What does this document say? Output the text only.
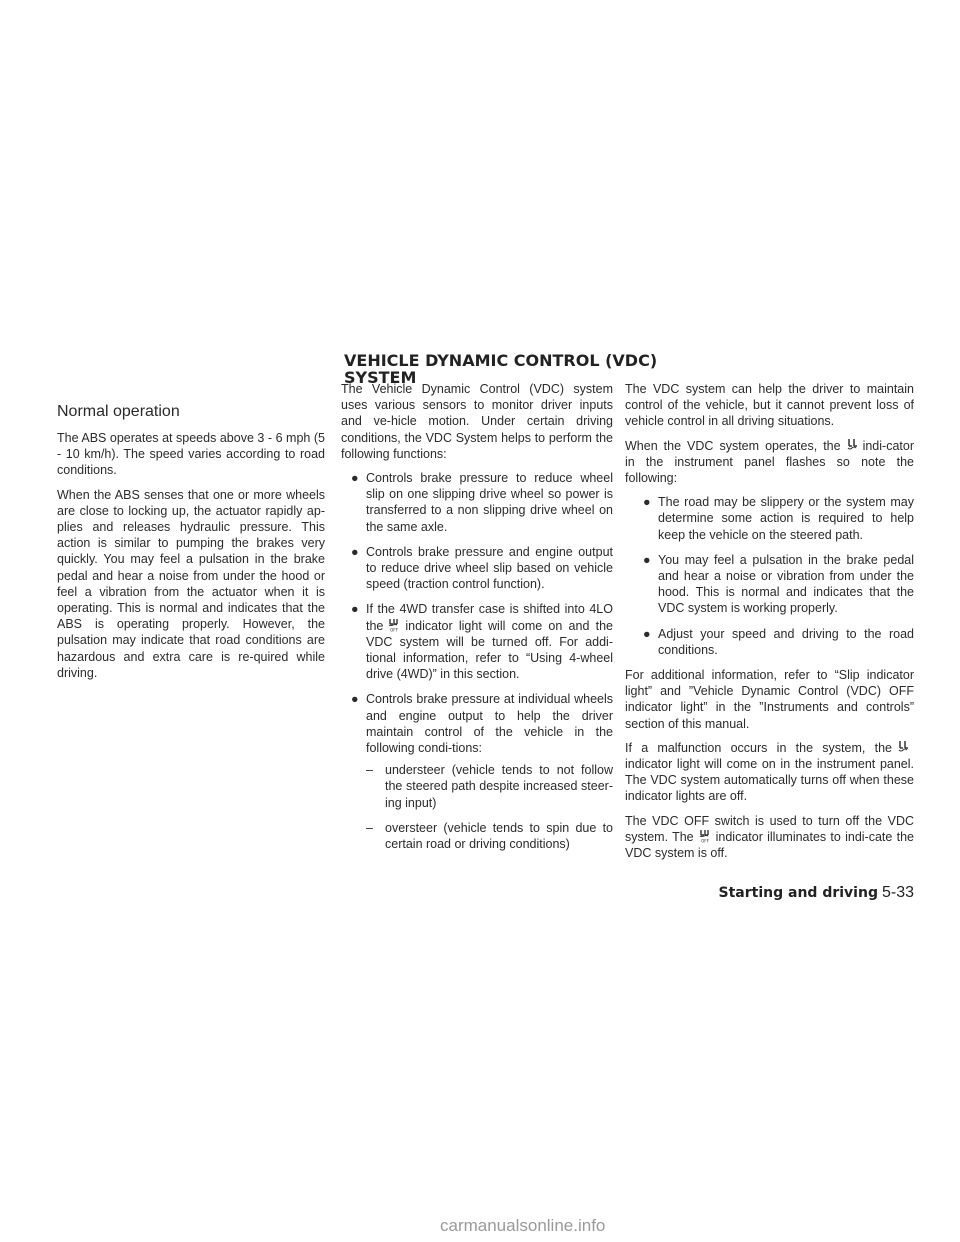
VEHICLE DYNAMIC CONTROL (VDC)
SYSTEM
Normal operation

The ABS operates at speeds above 3 - 6 mph (5 - 10 km/h). The speed varies according to road conditions.

When the ABS senses that one or more wheels are close to locking up, the actuator rapidly ap-plies and releases hydraulic pressure. This action is similar to pumping the brakes very quickly. You may feel a pulsation in the brake pedal and hear a noise from under the hood or feel a vibration from the actuator when it is operating. This is normal and indicates that the ABS is operating properly. However, the pulsation may indicate that road conditions are hazardous and extra care is re-quired while driving.

The Vehicle Dynamic Control (VDC) system uses various sensors to monitor driver inputs and ve-hicle motion. Under certain driving conditions, the VDC System helps to perform the following functions:

● Controls brake pressure to reduce wheel slip on one slipping drive wheel so power is transferred to a non slipping drive wheel on the same axle.
● Controls brake pressure and engine output to reduce drive wheel slip based on vehicle speed (traction control function).
● If the 4WD transfer case is shifted into 4LO the OFF indicator light will come on and the VDC system will be turned off. For addi-tional information, refer to “Using 4-wheel drive (4WD)” in this section.
● Controls brake pressure at individual wheels and engine output to help the driver maintain control of the vehicle in the following condi-tions:
– understeer (vehicle tends to not follow the steered path despite increased steer-ing input)
– oversteer (vehicle tends to spin due to certain road or driving conditions)

The VDC system can help the driver to maintain control of the vehicle, but it cannot prevent loss of vehicle control in all driving situations.

When the VDC system operates, the indi-cator in the instrument panel flashes so note the following:

● The road may be slippery or the system may determine some action is required to help keep the vehicle on the steered path.
● You may feel a pulsation in the brake pedal and hear a noise or vibration from under the hood. This is normal and indicates that the VDC system is working properly.
● Adjust your speed and driving to the road conditions.

For additional information, refer to “Slip indicator light” and ”Vehicle Dynamic Control (VDC) OFF indicator light” in the ”Instruments and controls” section of this manual.

If a malfunction occurs in the system, theindicator light will come on in the instrument panel. The VDC system automatically turns off when these indicator lights are off.

The VDC OFF switch is used to turn off the VDC system. The OFF indicator illuminates to indi-cate the VDC system is off.

Starting and driving 5-33
carmanualsonline.info
